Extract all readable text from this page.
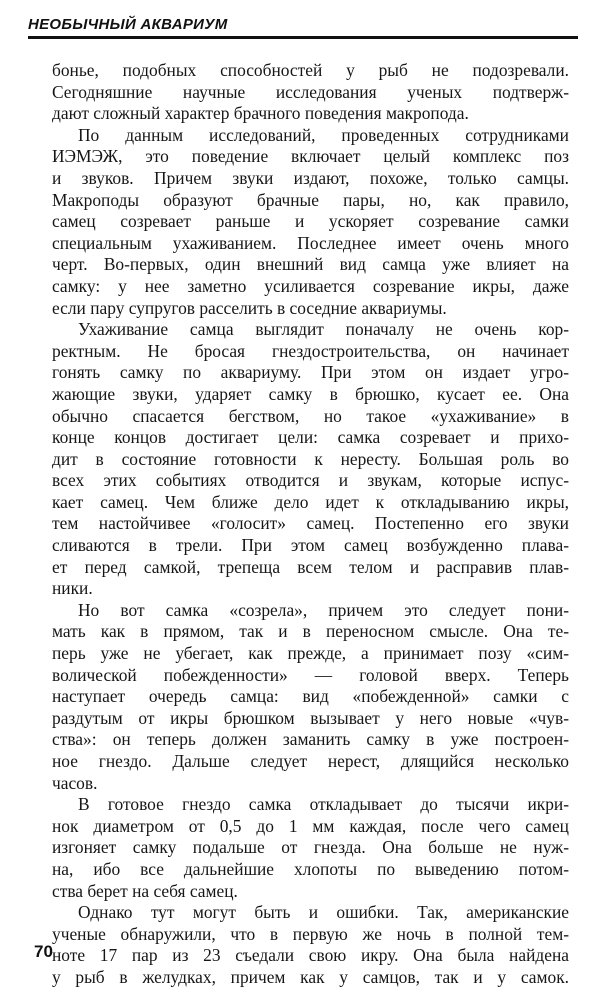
НЕОБЫЧНЫЙ АКВАРИУМ
бонье, подобных способностей у рыб не подозревали.
Сегодняшние научные исследования ученых подтверж-
дают сложный характер брачного поведения макропода.
По данным исследований, проведенных сотрудниками
ИЭМЭЖ, это поведение включает целый комплекс поз
и звуков. Причем звуки издают, похоже, только самцы.
Макроподы образуют брачные пары, но, как правило,
самец созревает раньше и ускоряет созревание самки
специальным ухаживанием. Последнее имеет очень много
черт. Во-первых, один внешний вид самца уже влияет на
самку: у нее заметно усиливается созревание икры, даже
если пару супругов расселить в соседние аквариумы.
Ухаживание самца выглядит поначалу не очень кор-
ректным. Не бросая гнездостроительства, он начинает
гонять самку по аквариуму. При этом он издает угро-
жающие звуки, ударяет самку в брюшко, кусает ее. Она
обычно спасается бегством, но такое «ухаживание» в
конце концов достигает цели: самка созревает и прихо-
дит в состояние готовности к нересту. Большая роль во
всех этих событиях отводится и звукам, которые испус-
кает самец. Чем ближе дело идет к откладыванию икры,
тем настойчивее «голосит» самец. Постепенно его звуки
сливаются в трели. При этом самец возбужденно плава-
ет перед самкой, трепеща всем телом и расправив плав-
ники.
Но вот самка «созрела», причем это следует пони-
мать как в прямом, так и в переносном смысле. Она те-
перь уже не убегает, как прежде, а принимает позу «сим-
волической побежденности» — головой вверх. Теперь
наступает очередь самца: вид «побежденной» самки с
раздутым от икры брюшком вызывает у него новые «чув-
ства»: он теперь должен заманить самку в уже построен-
ное гнездо. Дальше следует нерест, длящийся несколько
часов.
В готовое гнездо самка откладывает до тысячи икри-
нок диаметром от 0,5 до 1 мм каждая, после чего самец
изгоняет самку подальше от гнезда. Она больше не нуж-
на, ибо все дальнейшие хлопоты по выведению потом-
ства берет на себя самец.
Однако тут могут быть и ошибки. Так, американские
ученые обнаружили, что в первую же ночь в полной тем-
ноте 17 пар из 23 съедали свою икру. Она была найдена
у рыб в желудках, причем как у самцов, так и у самок.
70
